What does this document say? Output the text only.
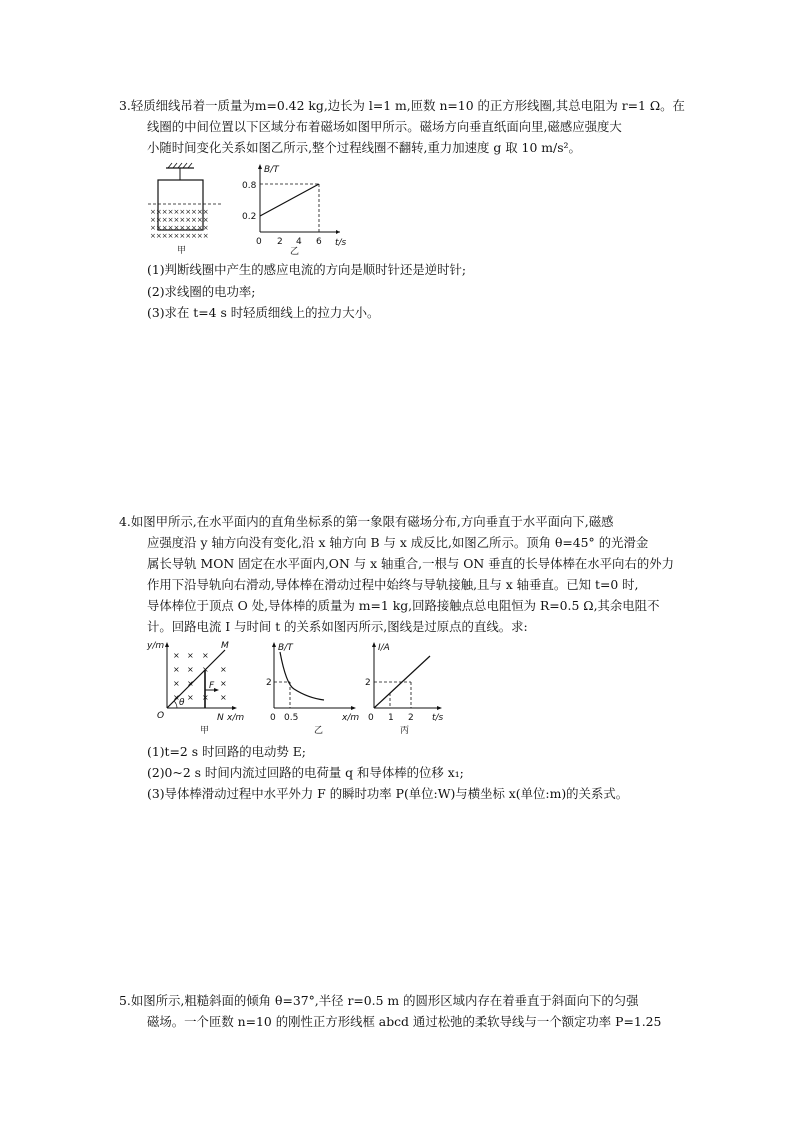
3.轻质细线吊着一质量为m=0.42 kg,边长为 l=1 m,匝数 n=10 的正方形线圈,其总电阻为 r=1 Ω。在
线圈的中间位置以下区域分布着磁场如图甲所示。磁场方向垂直纸面向里,磁感应强度大
小随时间变化关系如图乙所示,整个过程线圈不翻转,重力加速度 g 取 10 m/s²。
××××××××××
××××××××××
××××××××××
××××××××××
甲
B/T
t/s
0
0.2
0.8
2 4 6
乙
(1)判断线圈中产生的感应电流的方向是顺时针还是逆时针;
(2)求线圈的电功率;
(3)求在 t=4 s 时轻质细线上的拉力大小。
4.如图甲所示,在水平面内的直角坐标系的第一象限有磁场分布,方向垂直于水平面向下,磁感
应强度沿 y 轴方向没有变化,沿 x 轴方向 B 与 x 成反比,如图乙所示。顶角 θ=45° 的光滑金
属长导轨 MON 固定在水平面内,ON 与 x 轴重合,一根与 ON 垂直的长导体棒在水平向右的外力
作用下沿导轨向右滑动,导体棒在滑动过程中始终与导轨接触,且与 x 轴垂直。已知 t=0 时,
导体棒位于顶点 O 处,导体棒的质量为 m=1 kg,回路接触点总电阻恒为 R=0.5 Ω,其余电阻不
计。回路电流 I 与时间 t 的关系如图丙所示,图线是过原点的直线。求:
× × ×
× × × ×
× ×	×
× × × ×
y/m
x/m
O
M
N
F
θ
甲
B/T
x/m
0
2
0.5
乙
I/A
t/s
0
2
1 2
丙
(1)t=2 s 时回路的电动势 E;
(2)0~2 s 时间内流过回路的电荷量 q 和导体棒的位移 x₁;
(3)导体棒滑动过程中水平外力 F 的瞬时功率 P(单位:W)与横坐标 x(单位:m)的关系式。
5.如图所示,粗糙斜面的倾角 θ=37°,半径 r=0.5 m 的圆形区域内存在着垂直于斜面向下的匀强
磁场。一个匝数 n=10 的刚性正方形线框 abcd 通过松弛的柔软导线与一个额定功率 P=1.25
